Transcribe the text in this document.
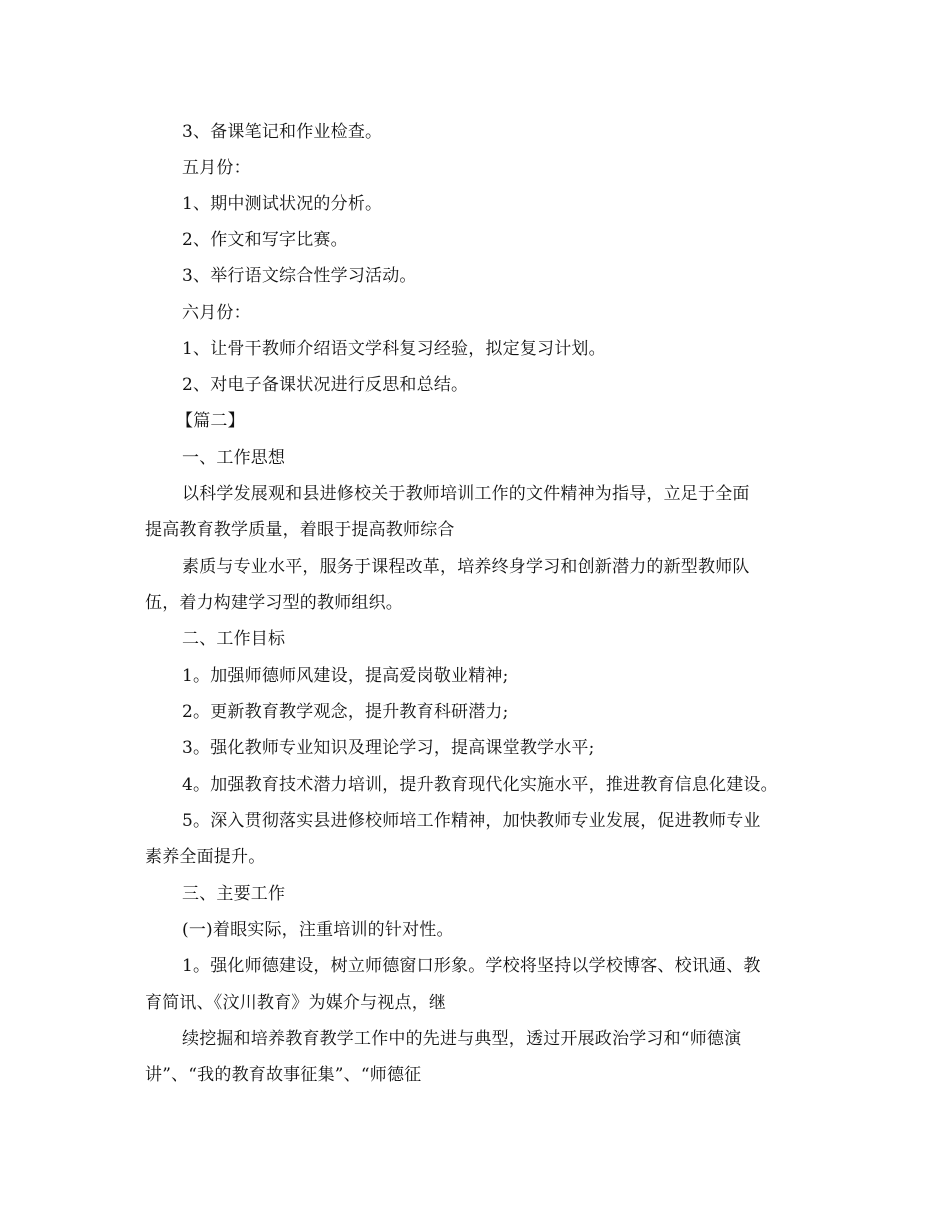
3、备课笔记和作业检查。
五月份：
1、期中测试状况的分析。
2、作文和写字比赛。
3、举行语文综合性学习活动。
六月份：
1、让骨干教师介绍语文学科复习经验，拟定复习计划。
2、对电子备课状况进行反思和总结。
【篇二】
一、工作思想
以科学发展观和县进修校关于教师培训工作的文件精神为指导，立足于全面
提高教育教学质量，着眼于提高教师综合
素质与专业水平，服务于课程改革，培养终身学习和创新潜力的新型教师队
伍，着力构建学习型的教师组织。
二、工作目标
1。加强师德师风建设，提高爱岗敬业精神;
2。更新教育教学观念，提升教育科研潜力;
3。强化教师专业知识及理论学习，提高课堂教学水平;
4。加强教育技术潜力培训，提升教育现代化实施水平，推进教育信息化建设。
5。深入贯彻落实县进修校师培工作精神，加快教师专业发展，促进教师专业
素养全面提升。
三、主要工作
(一)着眼实际，注重培训的针对性。
1。强化师德建设，树立师德窗口形象。学校将坚持以学校博客、校讯通、教
育简讯、《汶川教育》为媒介与视点，继
续挖掘和培养教育教学工作中的先进与典型，透过开展政治学习和“师德演
讲”、“我的教育故事征集”、“师德征
